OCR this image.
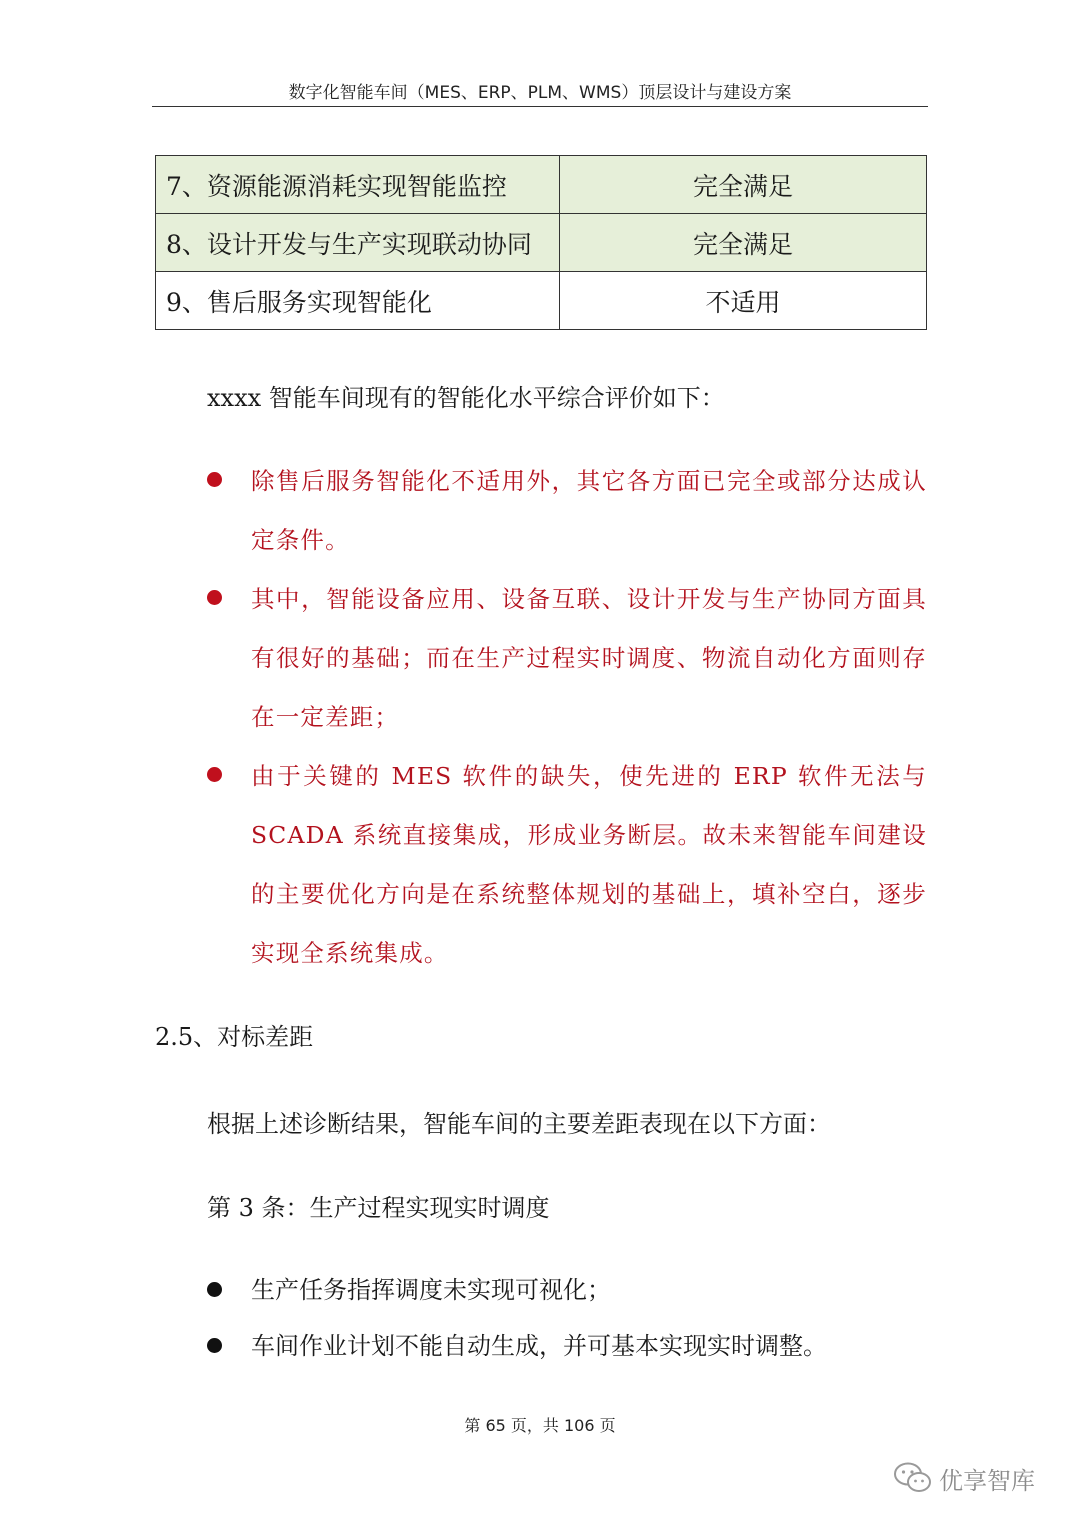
数字化智能车间（MES、ERP、PLM、WMS）顶层设计与建设方案
7、资源能源消耗实现智能监控	完全满足
8、设计开发与生产实现联动协同	完全满足
9、售后服务实现智能化	不适用
xxxx 智能车间现有的智能化水平综合评价如下：
除售后服务智能化不适用外，其它各方面已完全或部分达成认定条件。
其中，智能设备应用、设备互联、设计开发与生产协同方面具有很好的基础；而在生产过程实时调度、物流自动化方面则存在一定差距；
由于关键的 MES 软件的缺失，使先进的 ERP 软件无法与 SCADA 系统直接集成，形成业务断层。故未来智能车间建设的主要优化方向是在系统整体规划的基础上，填补空白，逐步实现全系统集成。
2.5、对标差距
根据上述诊断结果，智能车间的主要差距表现在以下方面：
第 3 条：生产过程实现实时调度
生产任务指挥调度未实现可视化；
车间作业计划不能自动生成，并可基本实现实时调整。
第 65 页，共 106 页
优享智库
